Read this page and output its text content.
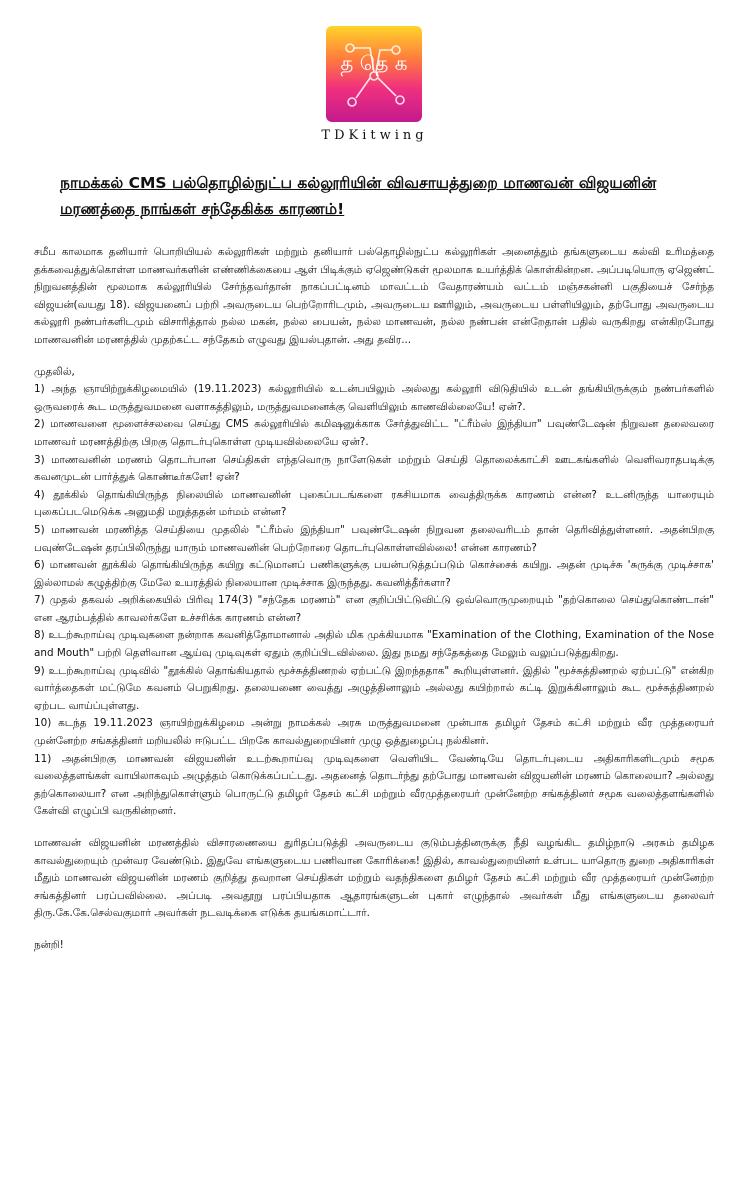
த தெ க
TDKitwing
நாமக்கல் CMS பல்தொழில்நுட்ப கல்லூரியின் விவசாயத்துறை மாணவன் விஜயனின் மரணத்தை நாங்கள் சந்தேகிக்க காரணம்!

சமீப காலமாக தனியார் பொறியியல் கல்லூரிகள் மற்றும் தனியார் பல்தொழில்நுட்ப கல்லூரிகள் அனைத்தும் தங்களுடைய கல்வி உரிமத்தை தக்கவைத்துக்கொள்ள மாணவர்களின் எண்ணிக்கையை ஆள் பிடிக்கும் ஏஜெண்டுகள் மூலமாக உயர்த்திக் கொள்கின்றன. அப்படியொரு ஏஜெண்ட் நிறுவனத்தின் மூலமாக கல்லூரியில் சேர்ந்தவர்தான் நாகப்பட்டினம் மாவட்டம் வேதாரண்யம் வட்டம் மஞ்சகன்னி பகுதியைச் சேர்ந்த விஜயன்(வயது 18). விஜயனைப் பற்றி அவருடைய பெற்றோரிடமும், அவருடைய ஊரிலும், அவருடைய பள்ளியிலும், தற்போது அவருடைய கல்லூரி நண்பர்களிடமும் விசாரித்தால் நல்ல மகன், நல்ல பையன், நல்ல மாணவன், நல்ல நண்பன் என்றேதான் பதில் வருகிறது என்கிறபோது மாணவனின் மரணத்தில் முதற்கட்ட சந்தேகம் எழுவது இயல்புதான். அது தவிர...

முதலில்,

1) அந்த ஞாயிற்றுக்கிழமையில் (19.11.2023) கல்லூரியில் உடன்பயிலும் அல்லது கல்லூரி விடுதியில் உடன் தங்கியிருக்கும் நண்பர்களில் ஒருவரைக் கூட மருத்துவமனை வளாகத்திலும், மருத்துவமனைக்கு வெளியிலும் காணவில்லையே! ஏன்?.

2) மாணவனை மூளைச்சலவை செய்து CMS கல்லூரியில் கமிஷனுக்காக சேர்த்துவிட்ட "ட்ரீம்ஸ் இந்தியா" பவுண்டேஷன் நிறுவன தலைவரை மாணவர் மரணத்திற்கு பிறகு தொடர்புகொள்ள முடியவில்லையே ஏன்?.

3) மாணவனின் மரணம் தொடர்பான செய்திகள் எந்தவொரு நாளேடுகள் மற்றும் செய்தி தொலைக்காட்சி ஊடகங்களில் வெளிவராதபடிக்கு கவனமுடன் பார்த்துக் கொண்டீர்களே! ஏன்?

4) தூக்கில் தொங்கியிருந்த நிலையில் மாணவனின் புகைப்படங்களை ரகசியமாக வைத்திருக்க காரணம் என்ன? உடனிருந்த யாரையும் புகைப்படமெடுக்க அனுமதி மறுத்ததன் மர்மம் என்ன?

5) மாணவன் மரணித்த செய்தியை முதலில் "ட்ரீம்ஸ் இந்தியா" பவுண்டேஷன் நிறுவன தலைவரிடம் தான் தெரிவித்துள்ளனர். அதன்பிறகு பவுண்டேஷன் தரப்பிலிருந்து யாரும் மாணவனின் பெற்றோரை தொடர்புகொள்ளவில்லை! என்ன காரணம்?

6) மாணவன் தூக்கில் தொங்கியிருந்த கயிறு கட்டுமானப் பணிகளுக்கு பயன்படுத்தப்படும் கொச்சைக் கயிறு. அதன் முடிச்சு 'சுருக்கு முடிச்சாக' இல்லாமல் கழுத்திற்கு மேலே உயரத்தில் நிலையான முடிச்சாக இருந்தது. கவனித்தீர்களா?

7) முதல் தகவல் அறிக்கையில் பிரிவு 174(3) "சந்தேக மரணம்" என குறிப்பிட்டுவிட்டு ஒவ்வொருமுறையும் "தற்கொலை செய்துகொண்டான்" என ஆரம்பத்தில் காவலர்களே உச்சரிக்க காரணம் என்ன?

8) உடற்கூறாய்வு முடிவுகளை நன்றாக கவனித்தோமானால் அதில் மிக முக்கியமாக "Examination of the Clothing, Examination of the Nose and Mouth" பற்றி தெளிவான ஆய்வு முடிவுகள் ஏதும் குறிப்பிடவில்லை. இது நமது சந்தேகத்தை மேலும் வலுப்படுத்துகிறது.

9) உடற்கூறாய்வு முடிவில் "தூக்கில் தொங்கியதால் மூச்சுத்திணறல் ஏற்பட்டு இறந்ததாக" கூறியுள்ளனர். இதில் "மூச்சுத்திணறல் ஏற்பட்டு" என்கிற வார்த்தைகள் மட்டுமே கவனம் பெறுகிறது. தலையணை வைத்து அழுத்தினாலும் அல்லது கயிற்றால் கட்டி இறுக்கினாலும் கூட மூச்சுத்திணறல் ஏற்பட வாய்ப்புள்ளது.

10) கடந்த 19.11.2023 ஞாயிற்றுக்கிழமை அன்று நாமக்கல் அரசு மருத்துவமனை முன்பாக தமிழர் தேசம் கட்சி மற்றும் வீர முத்தரையர் முன்னேற்ற சங்கத்தினர் மறியலில் ஈடுபட்ட பிறகே காவல்துறையினர் முழு ஒத்துழைப்பு நல்கினர்.

11) அதன்பிறகு மாணவன் விஜயனின் உடற்கூறாய்வு முடிவுகளை வெளியிட வேண்டியே தொடர்புடைய அதிகாரிகளிடமும் சமூக வலைத்தளங்கள் வாயிலாகவும் அழுத்தம் கொடுக்கப்பட்டது. அதனைத் தொடர்ந்து தற்போது மாணவன் விஜயனின் மரணம் கொலையா? அல்லது தற்கொலையா? என அறிந்துகொள்ளும் பொருட்டு தமிழர் தேசம் கட்சி மற்றும் வீரமுத்தரையர் முன்னேற்ற சங்கத்தினர் சமூக வலைத்தளங்களில் கேள்வி எழுப்பி வருகின்றனர்.

மாணவன் விஜயனின் மரணத்தில் விசாரணையை துரிதப்படுத்தி அவருடைய குடும்பத்தினருக்கு நீதி வழங்கிட தமிழ்நாடு அரசும் தமிழக காவல்துறையும் முன்வர வேண்டும். இதுவே எங்களுடைய பணிவான கோரிக்கை! இதில், காவல்துறையினர் உள்பட யாதொரு துறை அதிகாரிகள் மீதும் மாணவன் விஜயனின் மரணம் குறித்து தவறான செய்திகள் மற்றும் வதந்திகளை தமிழர் தேசம் கட்சி மற்றும் வீர முத்தரையர் முன்னேற்ற சங்கத்தினர் பரப்பவில்லை. அப்படி அவதூறு பரப்பியதாக ஆதாரங்களுடன் புகார் எழுந்தால் அவர்கள் மீது எங்களுடைய தலைவர் திரு.கே.கே.செல்வகுமார் அவர்கள் நடவடிக்கை எடுக்க தயங்கமாட்டார்.

நன்றி!
